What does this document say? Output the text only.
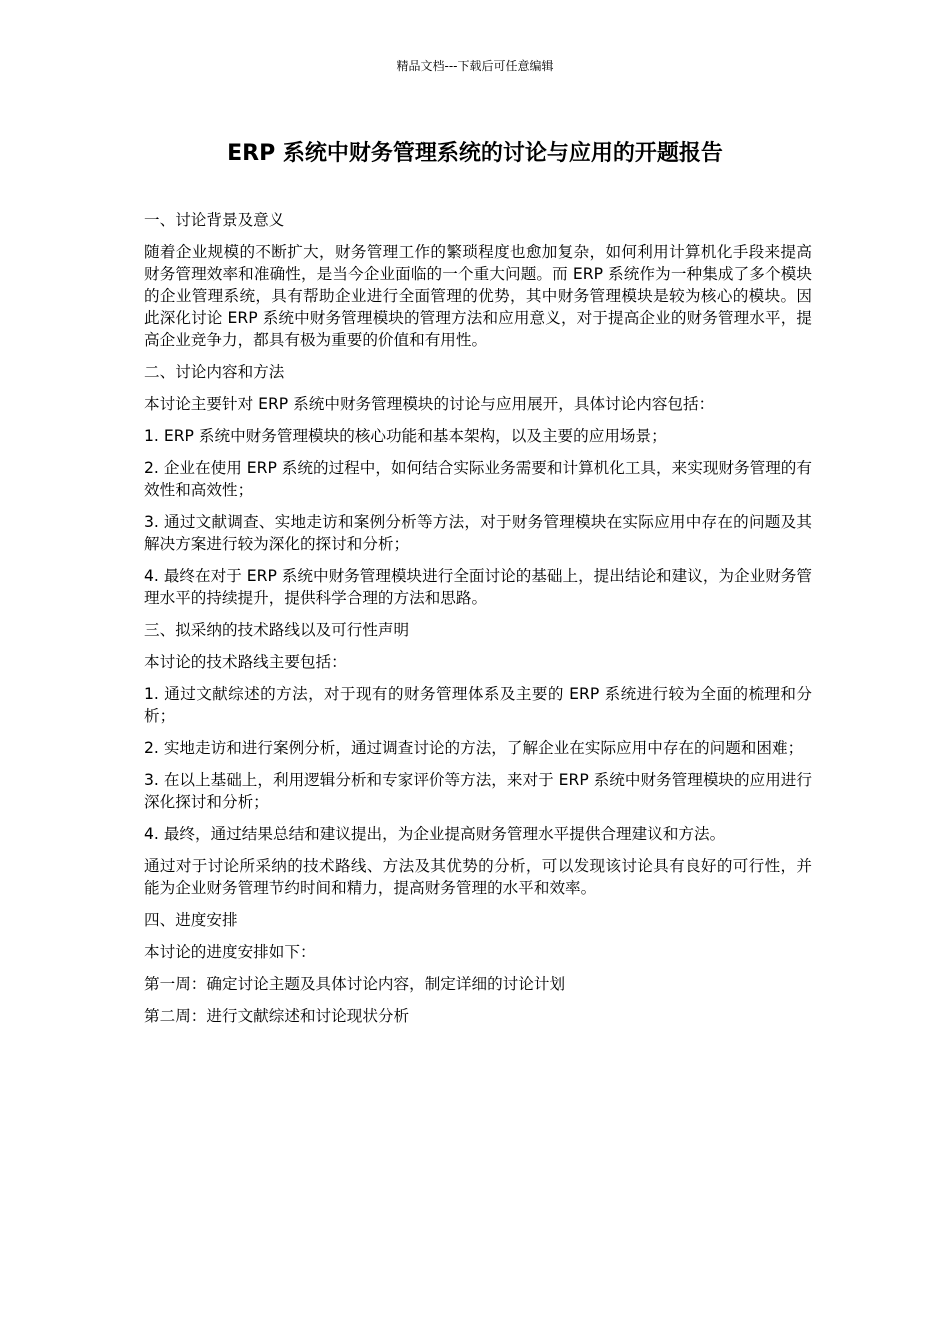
精品文档---下载后可任意编辑
ERP 系统中财务管理系统的讨论与应用的开题报告

一、讨论背景及意义

随着企业规模的不断扩大，财务管理工作的繁琐程度也愈加复杂，如何利用计算机化手段来提高财务管理效率和准确性，是当今企业面临的一个重大问题。而 ERP 系统作为一种集成了多个模块的企业管理系统，具有帮助企业进行全面管理的优势，其中财务管理模块是较为核心的模块。因此深化讨论 ERP 系统中财务管理模块的管理方法和应用意义，对于提高企业的财务管理水平，提高企业竞争力，都具有极为重要的价值和有用性。

二、讨论内容和方法

本讨论主要针对 ERP 系统中财务管理模块的讨论与应用展开，具体讨论内容包括：

1. ERP 系统中财务管理模块的核心功能和基本架构，以及主要的应用场景；

2. 企业在使用 ERP 系统的过程中，如何结合实际业务需要和计算机化工具，来实现财务管理的有效性和高效性；

3. 通过文献调查、实地走访和案例分析等方法，对于财务管理模块在实际应用中存在的问题及其解决方案进行较为深化的探讨和分析；

4. 最终在对于 ERP 系统中财务管理模块进行全面讨论的基础上，提出结论和建议，为企业财务管理水平的持续提升，提供科学合理的方法和思路。

三、拟采纳的技术路线以及可行性声明

本讨论的技术路线主要包括：

1. 通过文献综述的方法，对于现有的财务管理体系及主要的 ERP 系统进行较为全面的梳理和分析；

2. 实地走访和进行案例分析，通过调查讨论的方法，了解企业在实际应用中存在的问题和困难；

3. 在以上基础上，利用逻辑分析和专家评价等方法，来对于 ERP 系统中财务管理模块的应用进行深化探讨和分析；

4. 最终，通过结果总结和建议提出，为企业提高财务管理水平提供合理建议和方法。

通过对于讨论所采纳的技术路线、方法及其优势的分析，可以发现该讨论具有良好的可行性，并能为企业财务管理节约时间和精力，提高财务管理的水平和效率。

四、进度安排

本讨论的进度安排如下：

第一周：确定讨论主题及具体讨论内容，制定详细的讨论计划

第二周：进行文献综述和讨论现状分析
